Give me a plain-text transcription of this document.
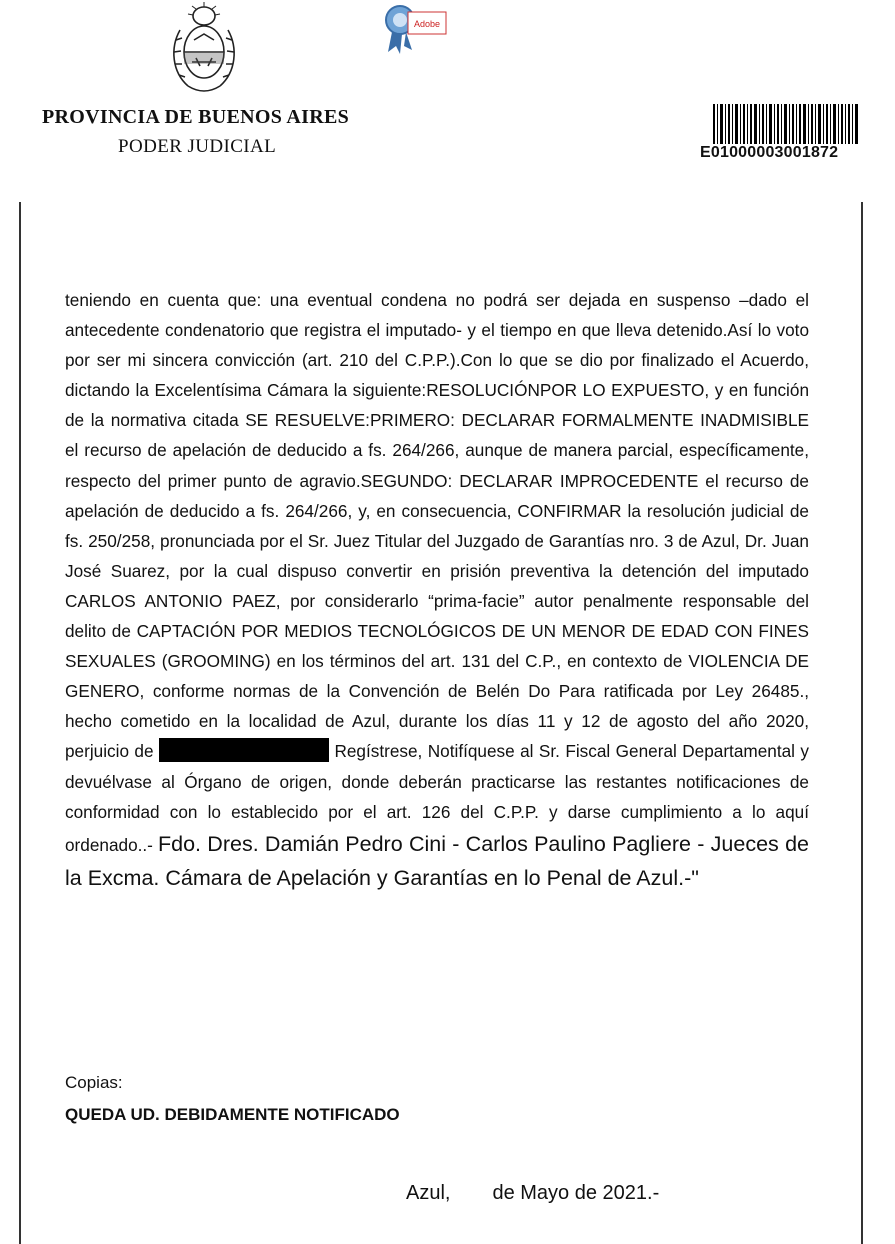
Adobe
PROVINCIA DE BUENOS AIRES
PODER JUDICIAL	E01000003001872
teniendo en cuenta que: una eventual condena no podrá ser dejada en suspenso –dado el antecedente condenatorio que registra el imputado- y el tiempo en que lleva detenido.Así lo voto por ser mi sincera convicción (art. 210 del C.P.P.).Con lo que se dio por finalizado el Acuerdo, dictando la Excelentísima Cámara la siguiente:RESOLUCIÓNPOR LO EXPUESTO, y en función de la normativa citada SE RESUELVE:PRIMERO: DECLARAR FORMALMENTE INADMISIBLE el recurso de apelación de deducido a fs. 264/266, aunque de manera parcial, específicamente, respecto del primer punto de agravio.SEGUNDO: DECLARAR IMPROCEDENTE el recurso de apelación de deducido a fs. 264/266, y, en consecuencia, CONFIRMAR la resolución judicial de fs. 250/258, pronunciada por el Sr. Juez Titular del Juzgado de Garantías nro. 3 de Azul, Dr. Juan José Suarez, por la cual dispuso convertir en prisión preventiva la detención del imputado CARLOS ANTONIO PAEZ, por considerarlo “prima-facie” autor penalmente responsable del delito de CAPTACIÓN POR MEDIOS TECNOLÓGICOS DE UN MENOR DE EDAD CON FINES SEXUALES (GROOMING) en los términos del art. 131 del C.P., en contexto de VIOLENCIA DE GENERO, conforme normas de la Convención de Belén Do Para ratificada por Ley 26485., hecho cometido en la localidad de Azul, durante los días 11 y 12 de agosto del año 2020, perjuicio de	Regístrese, Notifíquese al Sr. Fiscal General Departamental y devuélvase al Órgano de origen, donde deberán practicarse las restantes notificaciones de conformidad con lo establecido por el art. 126 del C.P.P. y darse cumplimiento a lo aquí ordenado..- Fdo. Dres. Damián Pedro Cini - Carlos Paulino Pagliere - Jueces de la Excma. Cámara de Apelación y Garantías en lo Penal de Azul.-"
Copias:
QUEDA UD. DEBIDAMENTE NOTIFICADO
Azul, de Mayo de 2021.-
